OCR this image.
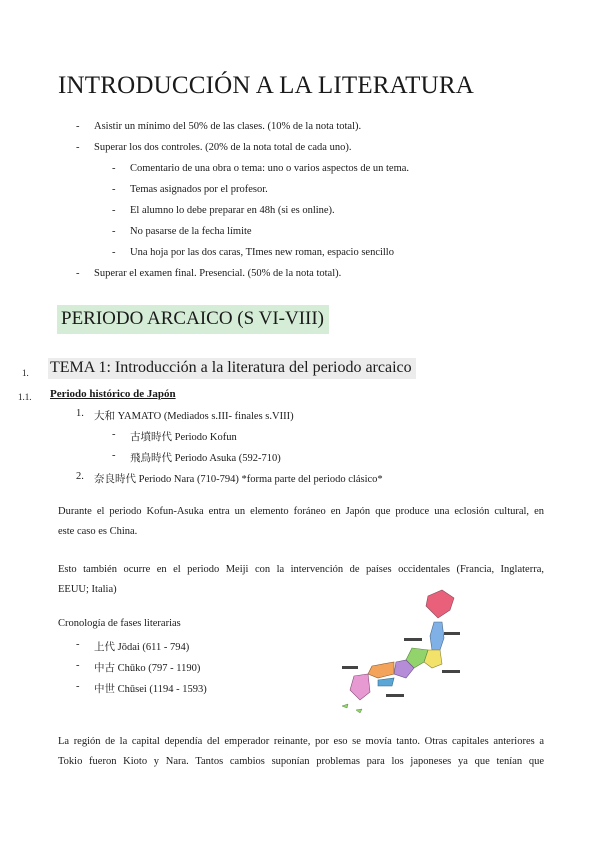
INTRODUCCIÓN A LA LITERATURA
- Asistir un mínimo del 50% de las clases. (10% de la nota total).
- Superar los dos controles. (20% de la nota total de cada uno).
- Comentario de una obra o tema: uno o varios aspectos de un tema.
- Temas asignados por el profesor.
- El alumno lo debe preparar en 48h (si es online).
- No pasarse de la fecha límite
- Una hoja por las dos caras, TImes new roman, espacio sencillo
- Superar el examen final. Presencial. (50% de la nota total).
PERIODO ARCAICO (S VI-VIII)
1. TEMA 1: Introducción a la literatura del periodo arcaico
1.1. Periodo histórico de Japón
1. 大和 YAMATO (Mediados s.III- finales s.VIII)
- 古墳時代 Periodo Kofun
- 飛鳥時代 Periodo Asuka (592-710)
2. 奈良時代 Periodo Nara (710-794) *forma parte del periodo clásico*
Durante el periodo Kofun-Asuka entra un elemento foráneo en Japón que produce una eclosión cultural, en
este caso es China.
Esto también ocurre en el periodo Meiji con la intervención de países occidentales (Francia, Inglaterra,
EEUU; Italia)
Cronología de fases literarias
- 上代 Jōdai (611 - 794)
- 中古 Chūko (797 - 1190)
- 中世 Chūsei (1194 - 1593)
La región de la capital dependía del emperador reinante, por eso se movía tanto. Otras capitales anteriores a
Tokio fueron Kioto y Nara. Tantos cambios suponían problemas para los japoneses ya que tenían que
